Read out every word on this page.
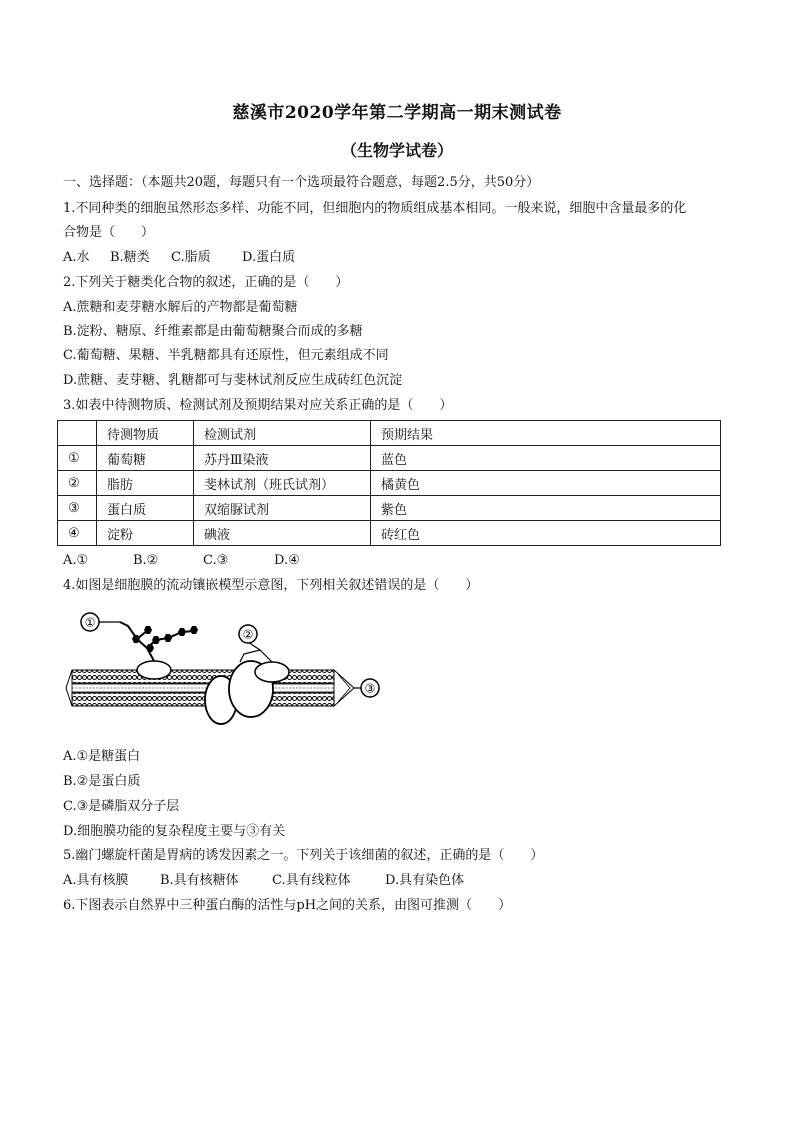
慈溪市2020学年第二学期高一期末测试卷
（生物学试卷）
一、选择题：（本题共20题，每题只有一个选项最符合题意，每题2.5分，共50分）
1.不同种类的细胞虽然形态多样、功能不同，但细胞内的物质组成基本相同。一般来说，细胞中含量最多的化
合物是（　　）
A.水 B.糖类 C.脂质 D.蛋白质
2.下列关于糖类化合物的叙述，正确的是（　　）
A.蔗糖和麦芽糖水解后的产物都是葡萄糖
B.淀粉、糖原、纤维素都是由葡萄糖聚合而成的多糖
C.葡萄糖、果糖、半乳糖都具有还原性，但元素组成不同
D.蔗糖、麦芽糖、乳糖都可与斐林试剂反应生成砖红色沉淀
3.如表中待测物质、检测试剂及预期结果对应关系正确的是（　　）
	待测物质	检测试剂	预期结果
①	葡萄糖	苏丹Ⅲ染液	蓝色
②	脂肪	斐林试剂（班氏试剂）	橘黄色
③	蛋白质	双缩脲试剂	紫色
④	淀粉	碘液	砖红色
A.①	B.②	C.③	D.④
4.如图是细胞膜的流动镶嵌模型示意图，下列相关叙述错误的是（　　）
①
②
③
A.①是糖蛋白
B.②是蛋白质
C.③是磷脂双分子层
D.细胞膜功能的复杂程度主要与③有关
5.幽门螺旋杆菌是胃病的诱发因素之一。下列关于该细菌的叙述，正确的是（　　）
A.具有核膜 B.具有核糖体	C.具有线粒体	D.具有染色体
6.下图表示自然界中三种蛋白酶的活性与pH之间的关系，由图可推测（　　）
